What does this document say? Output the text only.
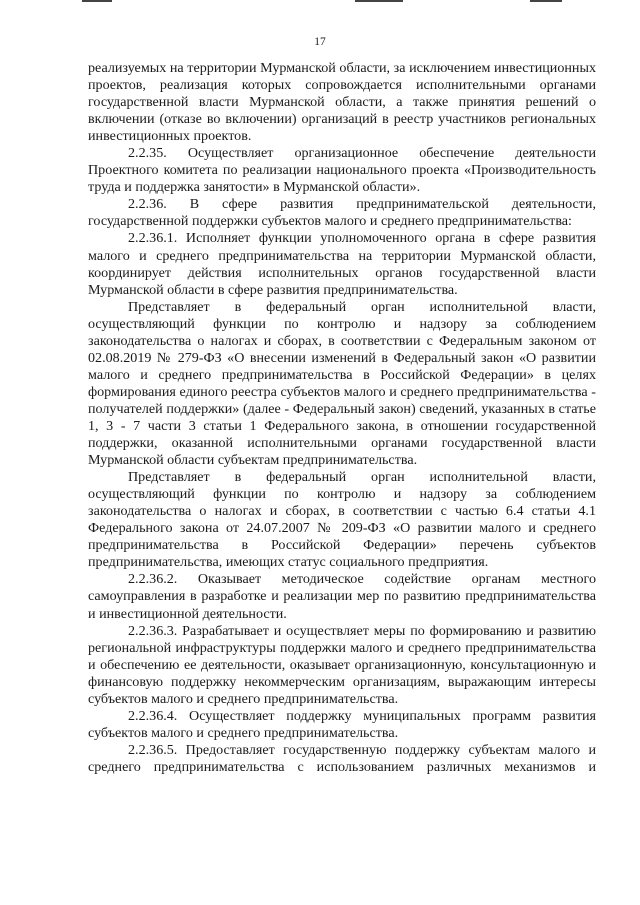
17

реализуемых на территории Мурманской области, за исключением инвестиционных проектов, реализация которых сопровождается исполнительными органами государственной власти Мурманской области, а также принятия решений о включении (отказе во включении) организаций в реестр участников региональных инвестиционных проектов.

2.2.35. Осуществляет организационное обеспечение деятельности Проектного комитета по реализации национального проекта «Производительность труда и поддержка занятости» в Мурманской области».

2.2.36. В сфере развития предпринимательской деятельности, государственной поддержки субъектов малого и среднего предпринимательства:

2.2.36.1. Исполняет функции уполномоченного органа в сфере развития малого и среднего предпринимательства на территории Мурманской области, координирует действия исполнительных органов государственной власти Мурманской области в сфере развития предпринимательства.

Представляет в федеральный орган исполнительной власти, осуществляющий функции по контролю и надзору за соблюдением законодательства о налогах и сборах, в соответствии с Федеральным законом от 02.08.2019 № 279-ФЗ «О внесении изменений в Федеральный закон «О развитии малого и среднего предпринимательства в Российской Федерации» в целях формирования единого реестра субъектов малого и среднего предпринимательства - получателей поддержки» (далее - Федеральный закон) сведений, указанных в статье 1, 3 - 7 части 3 статьи 1 Федерального закона, в отношении государственной поддержки, оказанной исполнительными органами государственной власти Мурманской области субъектам предпринимательства.

Представляет в федеральный орган исполнительной власти, осуществляющий функции по контролю и надзору за соблюдением законодательства о налогах и сборах, в соответствии с частью 6.4 статьи 4.1 Федерального закона от 24.07.2007 № 209-ФЗ «О развитии малого и среднего предпринимательства в Российской Федерации» перечень субъектов предпринимательства, имеющих статус социального предприятия.

2.2.36.2. Оказывает методическое содействие органам местного самоуправления в разработке и реализации мер по развитию предпринимательства и инвестиционной деятельности.

2.2.36.3. Разрабатывает и осуществляет меры по формированию и развитию региональной инфраструктуры поддержки малого и среднего предпринимательства и обеспечению ее деятельности, оказывает организационную, консультационную и финансовую поддержку некоммерческим организациям, выражающим интересы субъектов малого и среднего предпринимательства.

2.2.36.4. Осуществляет поддержку муниципальных программ развития субъектов малого и среднего предпринимательства.

2.2.36.5. Предоставляет государственную поддержку субъектам малого и среднего предпринимательства с использованием различных механизмов и
